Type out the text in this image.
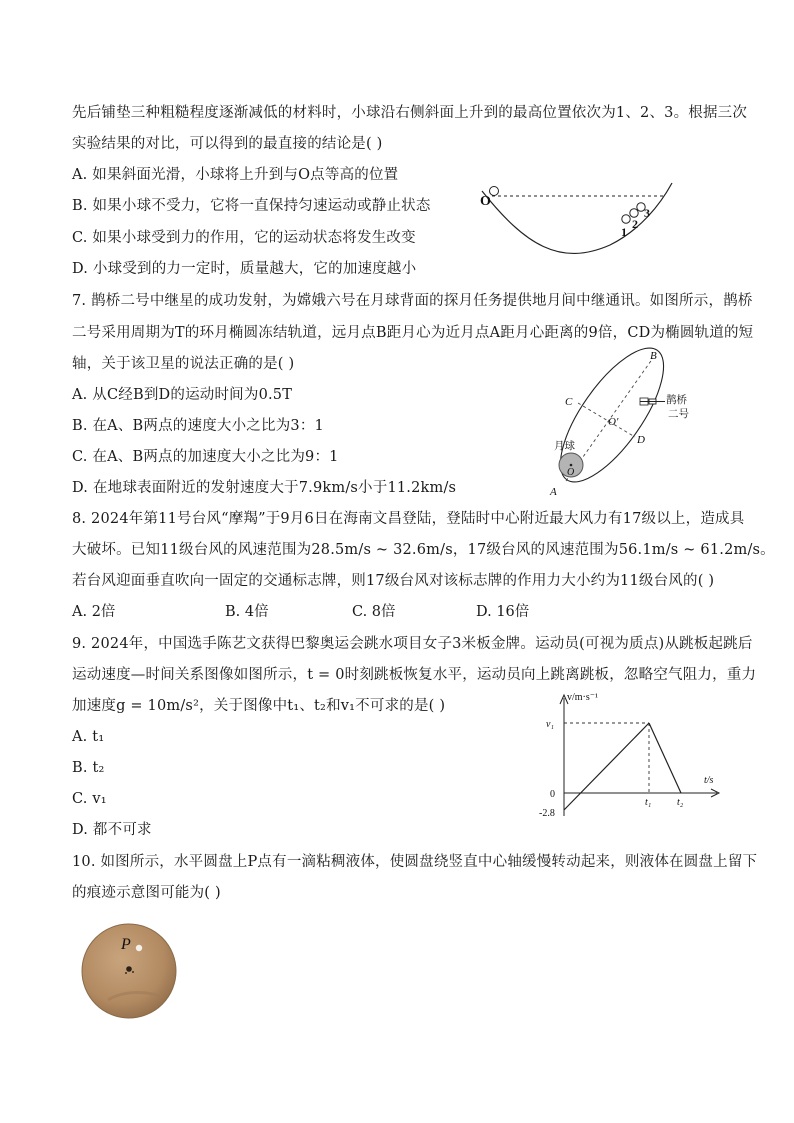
先后铺垫三种粗糙程度逐渐减低的材料时，小球沿右侧斜面上升到的最高位置依次为1、2、3。根据三次
实验结果的对比，可以得到的最直接的结论是( )
A. 如果斜面光滑，小球将上升到与O点等高的位置
B. 如果小球不受力，它将一直保持匀速运动或静止状态
C. 如果小球受到力的作用，它的运动状态将发生改变
D. 小球受到的力一定时，质量越大，它的加速度越小
7. 鹊桥二号中继星的成功发射，为嫦娥六号在月球背面的探月任务提供地月间中继通讯。如图所示，鹊桥
二号采用周期为T的环月椭圆冻结轨道，远月点B距月心为近月点A距月心距离的9倍，CD为椭圆轨道的短
轴，关于该卫星的说法正确的是( )
A. 从C经B到D的运动时间为0.5T
B. 在A、B两点的速度大小之比为3：1
C. 在A、B两点的加速度大小之比为9：1
D. 在地球表面附近的发射速度大于7.9km/s小于11.2km/s
8. 2024年第11号台风“摩羯”于9月6日在海南文昌登陆，登陆时中心附近最大风力有17级以上，造成具
大破坏。已知11级台风的风速范围为28.5m/s ~ 32.6m/s，17级台风的风速范围为56.1m/s ~ 61.2m/s。
若台风迎面垂直吹向一固定的交通标志牌，则17级台风对该标志牌的作用力大小约为11级台风的( )
A. 2倍	B. 4倍	C. 8倍	D. 16倍
9. 2024年，中国选手陈艺文获得巴黎奥运会跳水项目女子3米板金牌。运动员(可视为质点)从跳板起跳后
运动速度—时间关系图像如图所示，t = 0时刻跳板恢复水平，运动员向上跳离跳板，忽略空气阻力，重力
加速度g = 10m/s²，关于图像中t₁、t₂和v₁不可求的是( )
A. t₁
B. t₂
C. v₁
D. 都不可求
10. 如图所示，水平圆盘上P点有一滴粘稠液体，使圆盘绕竖直中心轴缓慢转动起来，则液体在圆盘上留下
的痕迹示意图可能为( )
O
1
2
3
B
C
O′
D
A
O
月球
鹊桥
二号
v/m·s⁻¹
t/s
v₁
0
-2.8
t₁	t₂
P
